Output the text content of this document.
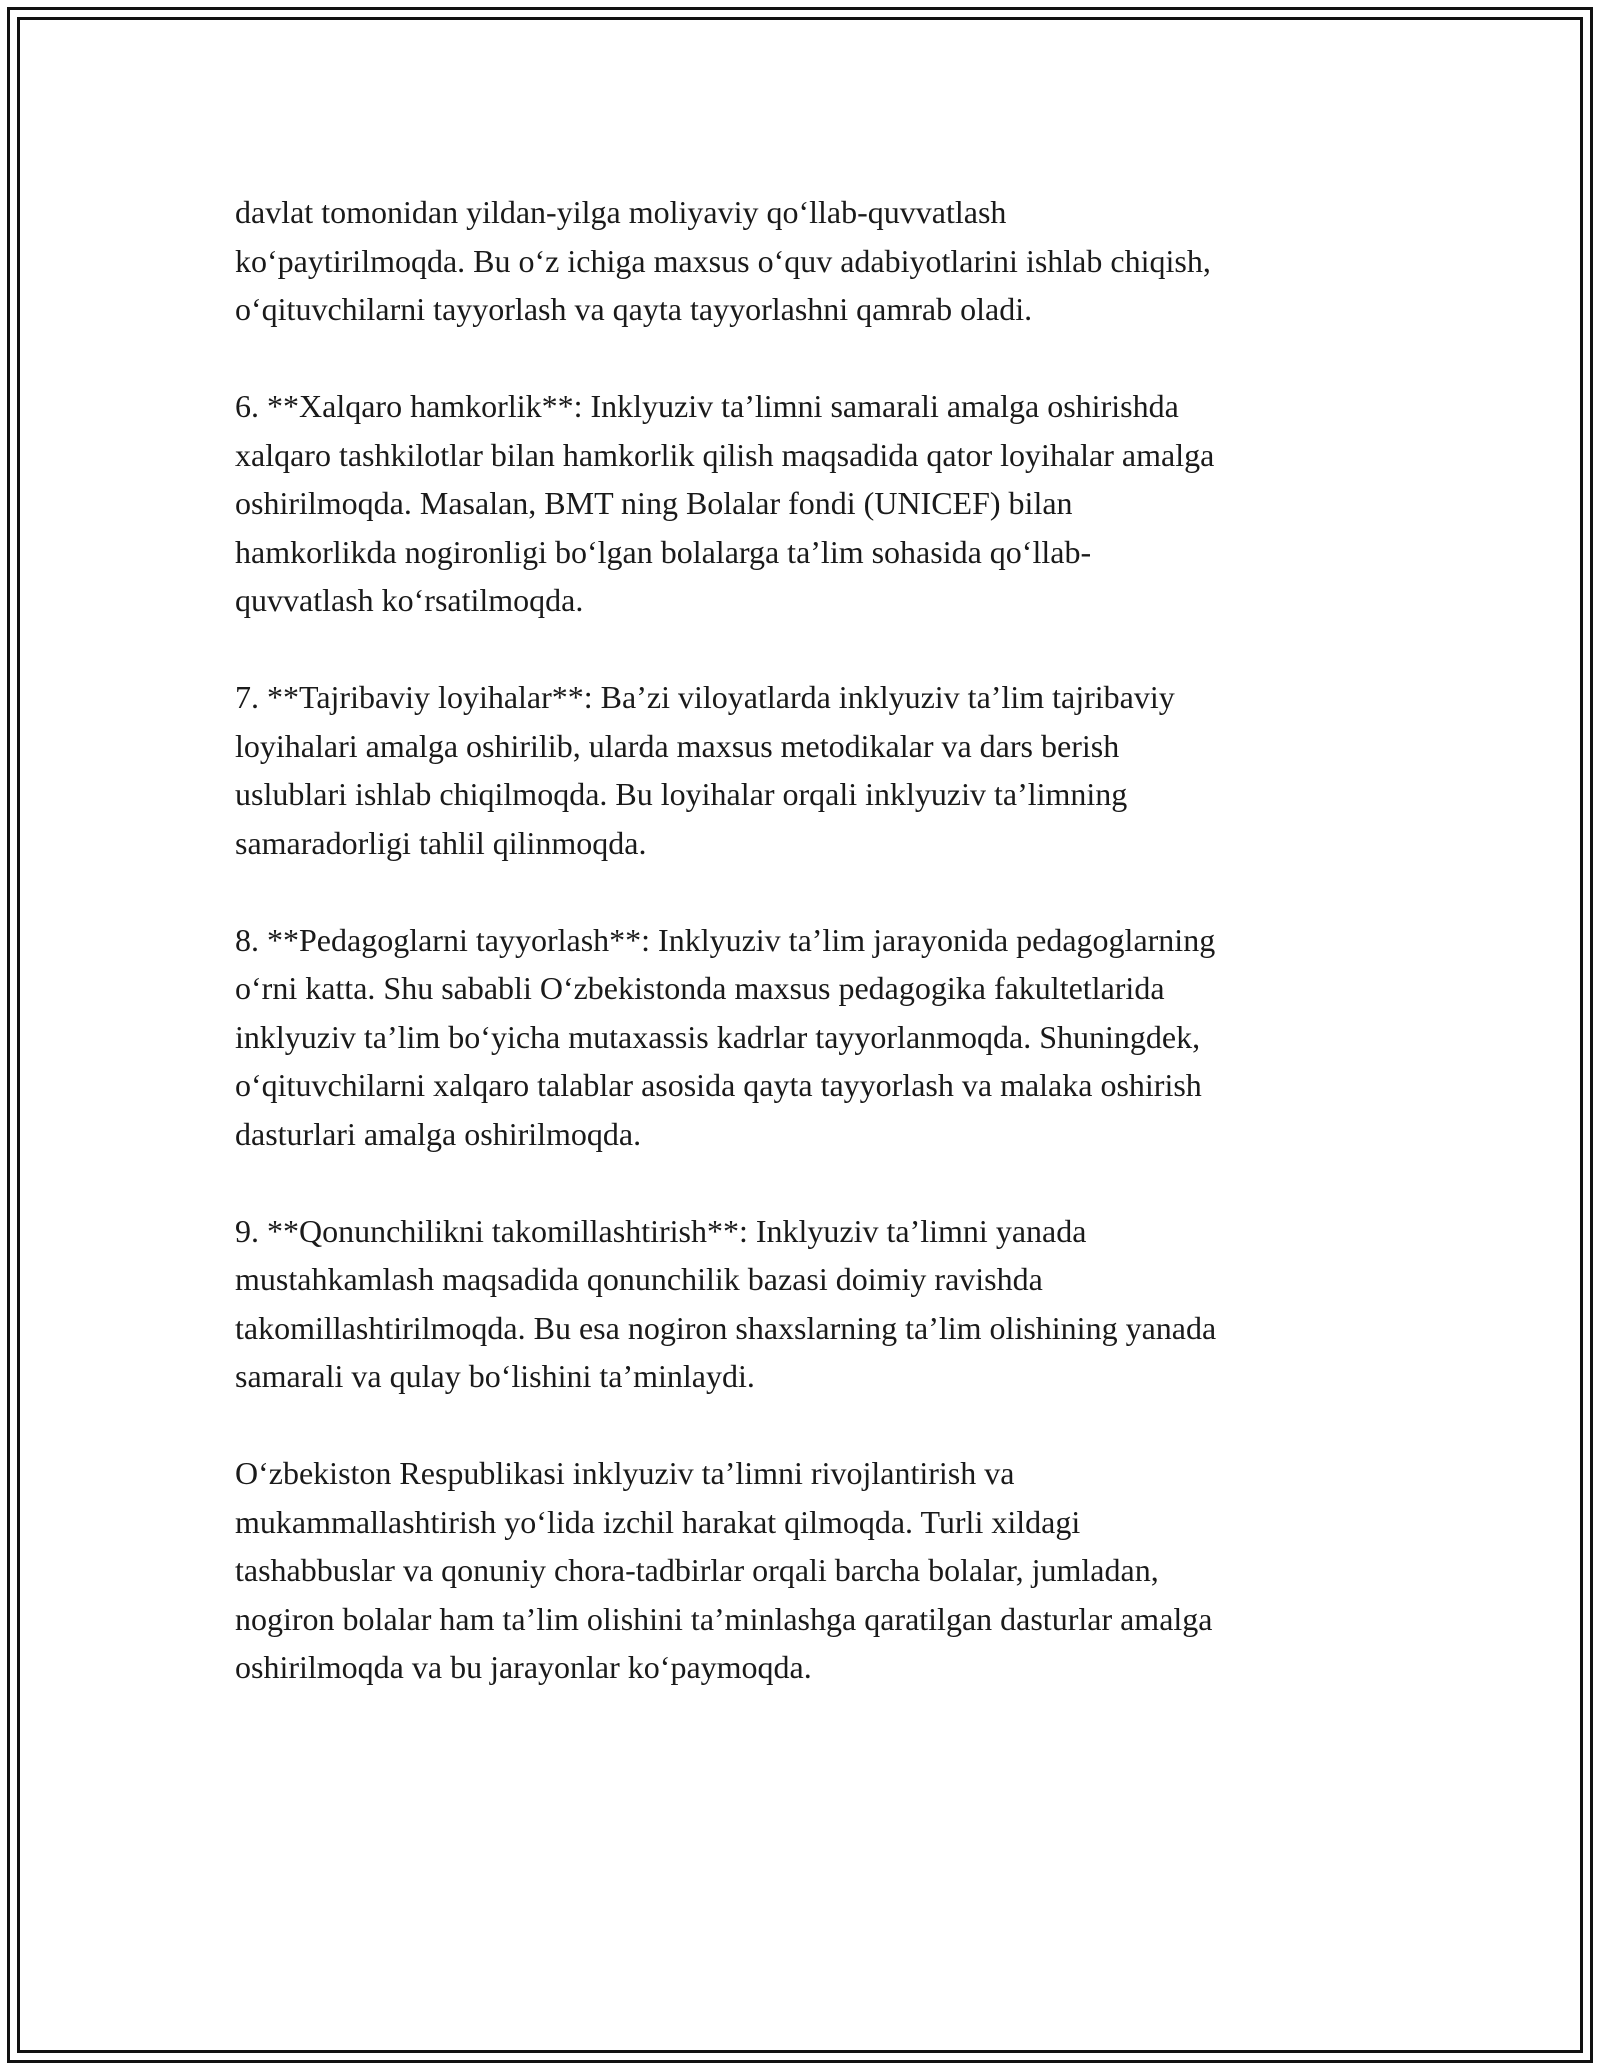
davlat tomonidan yildan-yilga moliyaviy qo‘llab-quvvatlash
ko‘paytirilmoqda. Bu o‘z ichiga maxsus o‘quv adabiyotlarini ishlab chiqish,
o‘qituvchilarni tayyorlash va qayta tayyorlashni qamrab oladi.

6. **Xalqaro hamkorlik**: Inklyuziv ta’limni samarali amalga oshirishda
xalqaro tashkilotlar bilan hamkorlik qilish maqsadida qator loyihalar amalga
oshirilmoqda. Masalan, BMT ning Bolalar fondi (UNICEF) bilan
hamkorlikda nogironligi bo‘lgan bolalarga ta’lim sohasida qo‘llab-
quvvatlash ko‘rsatilmoqda.

7. **Tajribaviy loyihalar**: Ba’zi viloyatlarda inklyuziv ta’lim tajribaviy
loyihalari amalga oshirilib, ularda maxsus metodikalar va dars berish
uslublari ishlab chiqilmoqda. Bu loyihalar orqali inklyuziv ta’limning
samaradorligi tahlil qilinmoqda.

8. **Pedagoglarni tayyorlash**: Inklyuziv ta’lim jarayonida pedagoglarning
o‘rni katta. Shu sababli O‘zbekistonda maxsus pedagogika fakultetlarida
inklyuziv ta’lim bo‘yicha mutaxassis kadrlar tayyorlanmoqda. Shuningdek,
o‘qituvchilarni xalqaro talablar asosida qayta tayyorlash va malaka oshirish
dasturlari amalga oshirilmoqda.

9. **Qonunchilikni takomillashtirish**: Inklyuziv ta’limni yanada
mustahkamlash maqsadida qonunchilik bazasi doimiy ravishda
takomillashtirilmoqda. Bu esa nogiron shaxslarning ta’lim olishining yanada
samarali va qulay bo‘lishini ta’minlaydi.

O‘zbekiston Respublikasi inklyuziv ta’limni rivojlantirish va
mukammallashtirish yo‘lida izchil harakat qilmoqda. Turli xildagi
tashabbuslar va qonuniy chora-tadbirlar orqali barcha bolalar, jumladan,
nogiron bolalar ham ta’lim olishini ta’minlashga qaratilgan dasturlar amalga
oshirilmoqda va bu jarayonlar ko‘paymoqda.
